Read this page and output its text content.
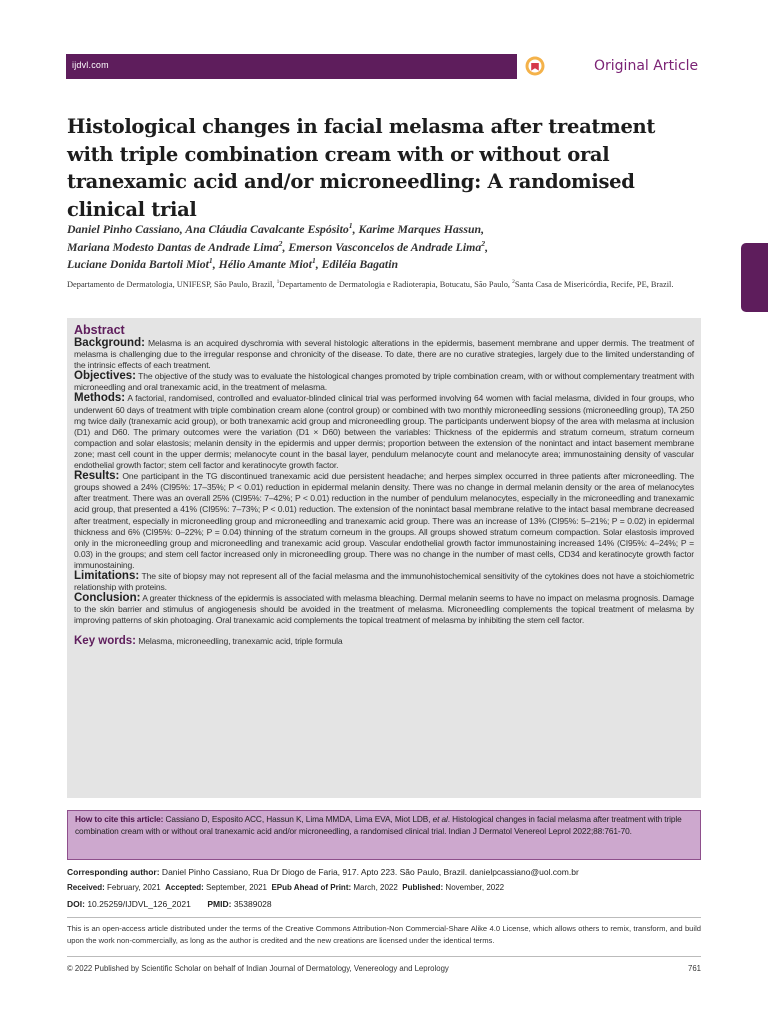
ijdvl.com	Original Article
Histological changes in facial melasma after treatment with triple combination cream with or without oral tranexamic acid and/or microneedling: A randomised clinical trial
Daniel Pinho Cassiano, Ana Cláudia Cavalcante Espósito$^1$, Karime Marques Hassun,
Mariana Modesto Dantas de Andrade Lima$^2$, Emerson Vasconcelos de Andrade Lima$^2$,
Luciane Donida Bartoli Miot$^1$, Hélio Amante Miot$^1$, Ediléia Bagatin
Departamento de Dermatologia, UNIFESP, São Paulo, Brazil, $^1$Departamento de Dermatologia e Radioterapia, Botucatu, São Paulo, $^2$Santa Casa de Misericórdia, Recife, PE, Brazil.
Abstract

Background: Melasma is an acquired dyschromia with several histologic alterations in the epidermis, basement membrane and upper dermis. The treatment of melasma is challenging due to the irregular response and chronicity of the disease. To date, there are no curative strategies, largely due to the limited understanding of the intrinsic effects of each treatment.

Objectives: The objective of the study was to evaluate the histological changes promoted by triple combination cream, with or without complementary treatment with microneedling and oral tranexamic acid, in the treatment of melasma.

Methods: A factorial, randomised, controlled and evaluator-blinded clinical trial was performed involving 64 women with facial melasma, divided in four groups, who underwent 60 days of treatment with triple combination cream alone (control group) or combined with two monthly microneedling sessions (microneedling group), TA 250 mg twice daily (tranexamic acid group), or both tranexamic acid group and microneedling group. The participants underwent biopsy of the area with melasma at inclusion (D1) and D60. The primary outcomes were the variation (D1 × D60) between the variables: Thickness of the epidermis and stratum corneum, stratum corneum compaction and solar elastosis; melanin density in the epidermis and upper dermis; proportion between the extension of the nonintact and intact basement membrane zone; mast cell count in the upper dermis; melanocyte count in the basal layer, pendulum melanocyte count and melanocyte area; immunostaining density of vascular endothelial growth factor; stem cell factor and keratinocyte growth factor.

Results: One participant in the TG discontinued tranexamic acid due persistent headache; and herpes simplex occurred in three patients after microneedling. The groups showed a 24% (CI95%: 17–35%; P < 0.01) reduction in epidermal melanin density. There was no change in dermal melanin density or the area of melanocytes after treatment. There was an overall 25% (CI95%: 7–42%; P < 0.01) reduction in the number of pendulum melanocytes, especially in the microneedling and tranexamic acid group, that presented a 41% (CI95%: 7–73%; P < 0.01) reduction. The extension of the nonintact basal membrane relative to the intact basal membrane decreased after treatment, especially in microneedling group and microneedling and tranexamic acid group. There was an increase of 13% (CI95%: 5–21%; P = 0.02) in epidermal thickness and 6% (CI95%: 0–22%; P = 0.04) thinning of the stratum corneum in the groups. All groups showed stratum corneum compaction. Solar elastosis improved only in the microneedling group and microneedling and tranexamic acid group. Vascular endothelial growth factor immunostaining increased 14% (CI95%: 4–24%; P = 0.03) in the groups; and stem cell factor increased only in microneedling group. There was no change in the number of mast cells, CD34 and keratinocyte growth factor immunostaining.

Limitations: The site of biopsy may not represent all of the facial melasma and the immunohistochemical sensitivity of the cytokines does not have a stoichiometric relationship with proteins.

Conclusion: A greater thickness of the epidermis is associated with melasma bleaching. Dermal melanin seems to have no impact on melasma prognosis. Damage to the skin barrier and stimulus of angiogenesis should be avoided in the treatment of melasma. Microneedling complements the topical treatment of melasma by improving patterns of skin photoaging. Oral tranexamic acid complements the topical treatment of melasma by inhibiting the stem cell factor.

Key words: Melasma, microneedling, tranexamic acid, triple formula

How to cite this article: Cassiano D, Esposito ACC, Hassun K, Lima MMDA, Lima EVA, Miot LDB, et al. Histological changes in facial melasma after treatment with triple combination cream with or without oral tranexamic acid and/or microneedling, a randomised clinical trial. Indian J Dermatol Venereol Leprol 2022;88:761-70.
Corresponding author: Daniel Pinho Cassiano, Rua Dr Diogo de Faria, 917. Apto 223. São Paulo, Brazil. danielpcassiano@uol.com.br
Received: February, 2021 Accepted: September, 2021 EPub Ahead of Print: March, 2022 Published: November, 2022
DOI: 10.25259/IJDVL_126_2021 PMID: 35389028
This is an open-access article distributed under the terms of the Creative Commons Attribution-Non Commercial-Share Alike 4.0 License, which allows others to remix, transform, and build upon the work non-commercially, as long as the author is credited and the new creations are licensed under the identical terms.
© 2022 Published by Scientific Scholar on behalf of Indian Journal of Dermatology, Venereology and Leprology	761
